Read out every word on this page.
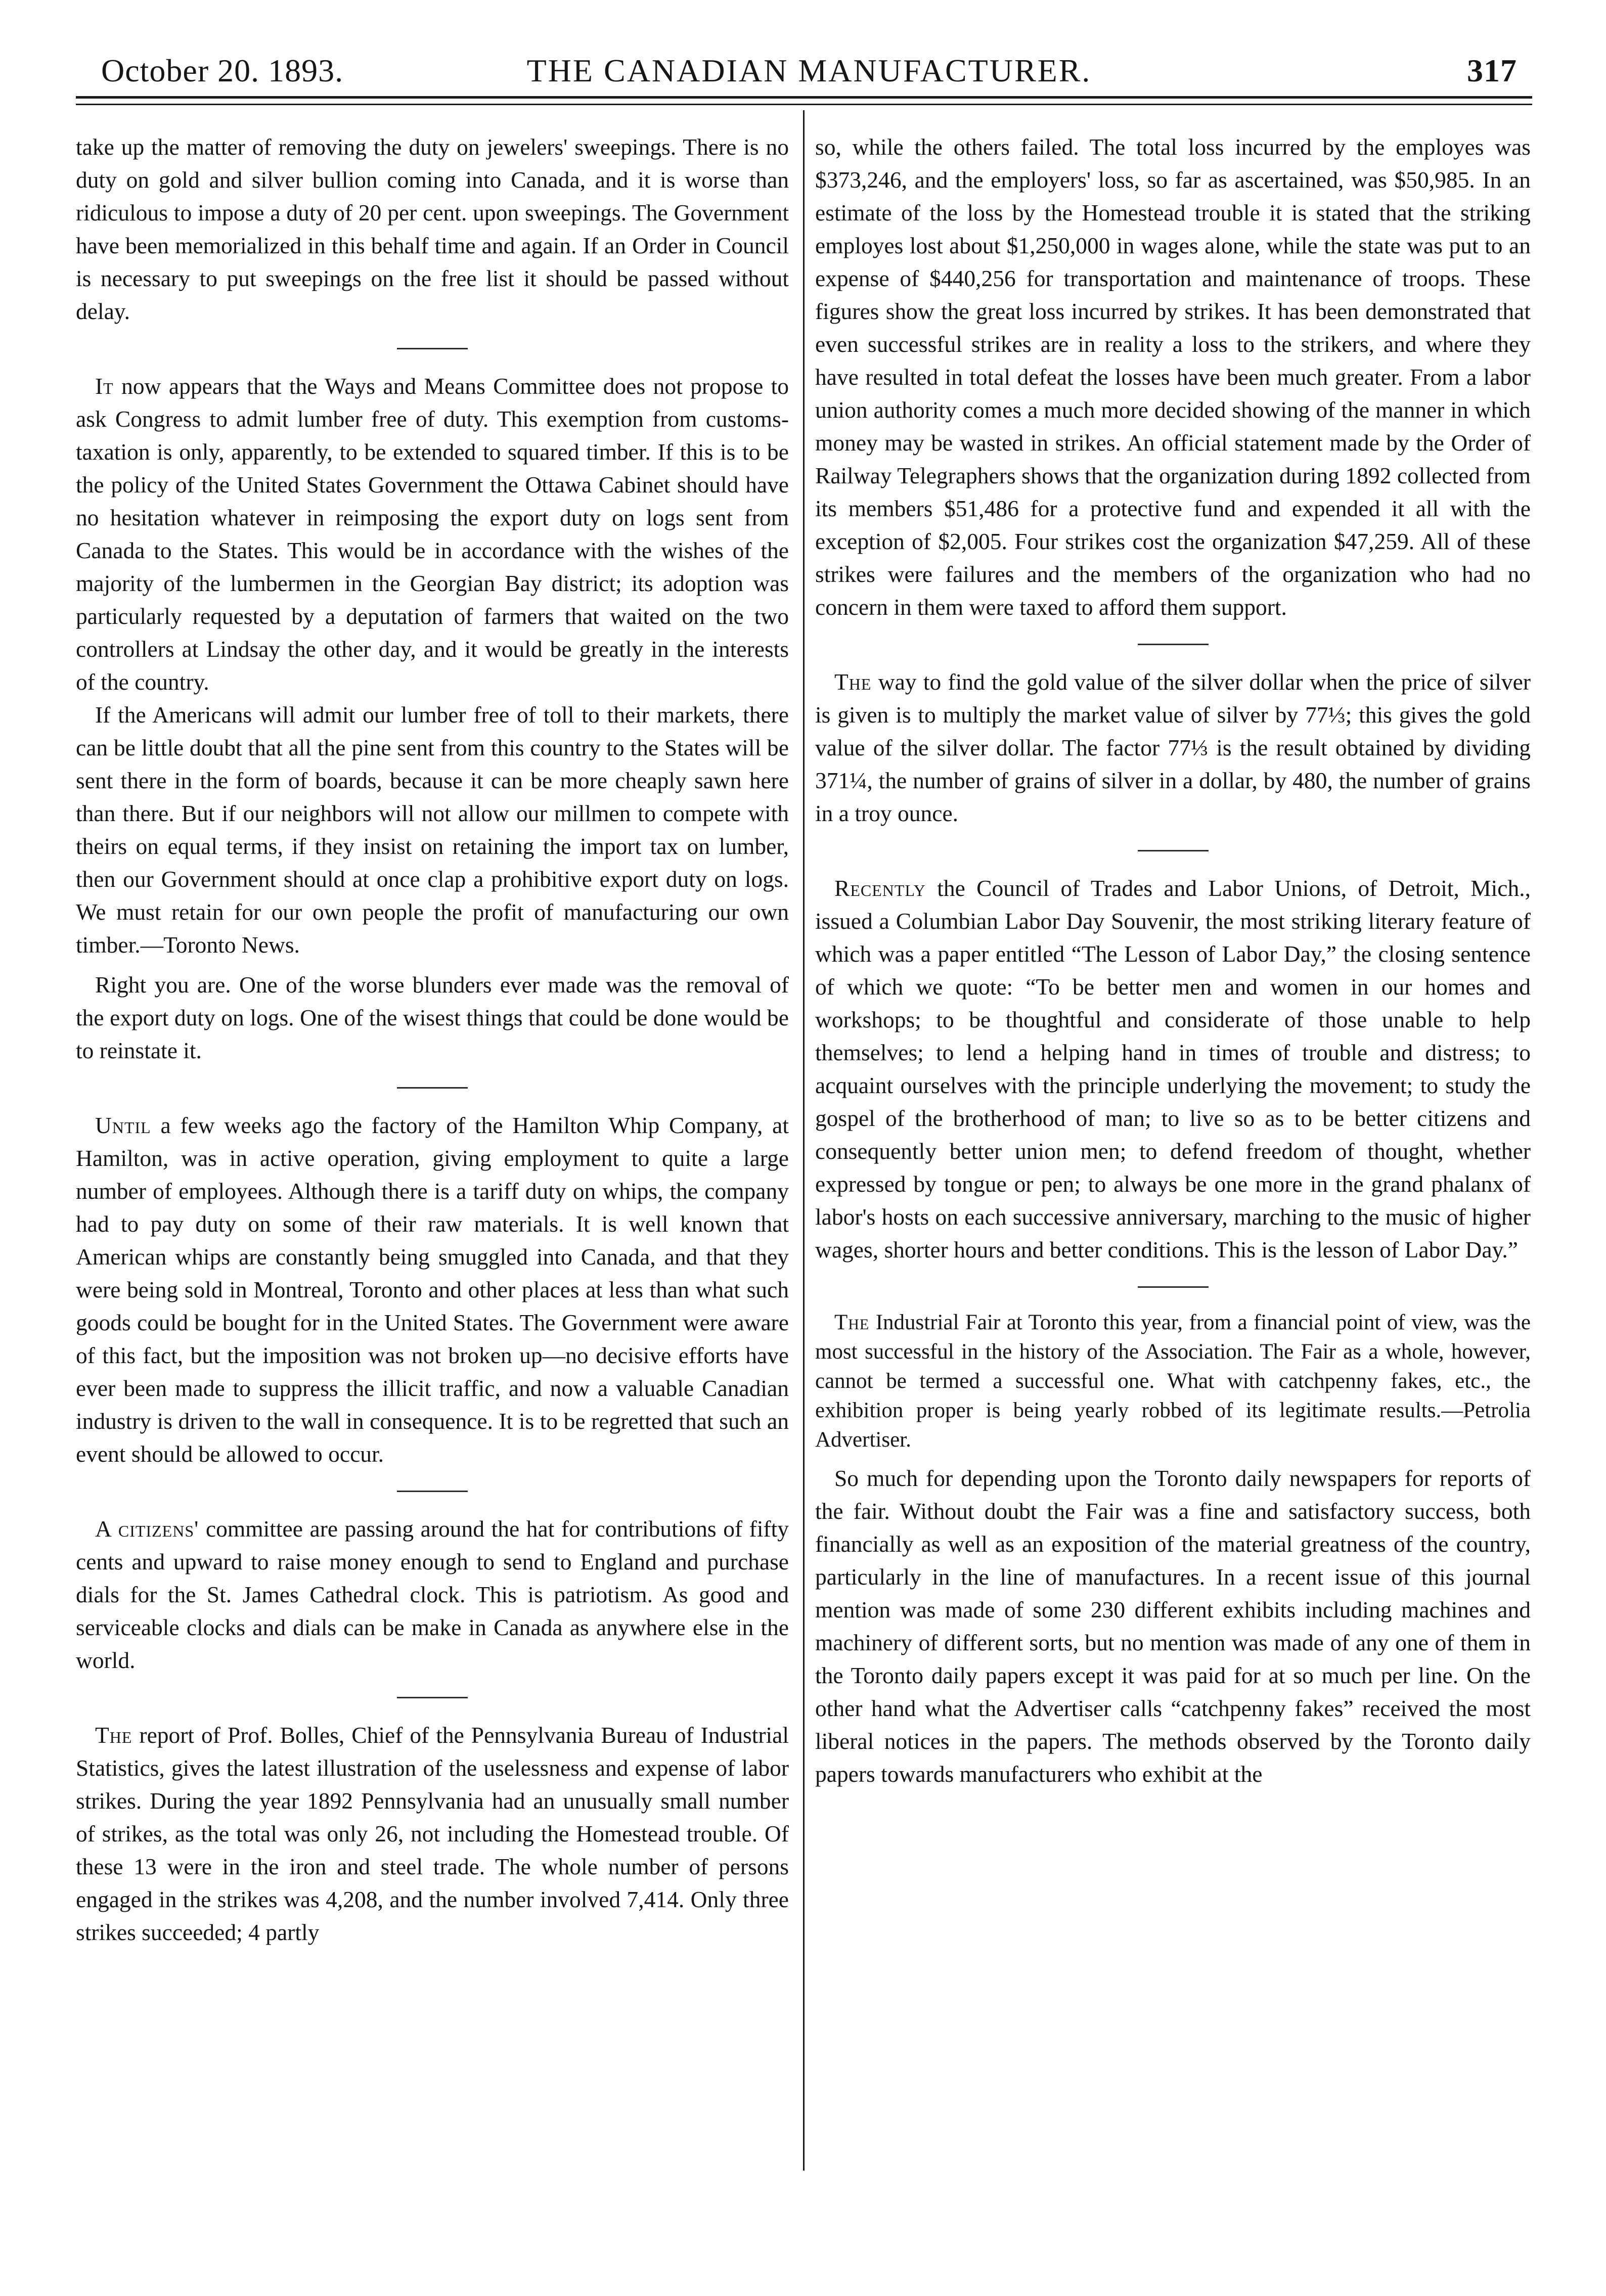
October 20. 1893.	THE CANADIAN MANUFACTURER.	317

take up the matter of removing the duty on jewelers' sweepings. There is no duty on gold and silver bullion coming into Canada, and it is worse than ridiculous to impose a duty of 20 per cent. upon sweepings. The Government have been memorialized in this behalf time and again. If an Order in Council is necessary to put sweepings on the free list it should be passed without delay.

It now appears that the Ways and Means Committee does not propose to ask Congress to admit lumber free of duty. This exemption from customs-taxation is only, apparently, to be extended to squared timber. If this is to be the policy of the United States Government the Ottawa Cabinet should have no hesitation whatever in reimposing the export duty on logs sent from Canada to the States. This would be in accordance with the wishes of the majority of the lumbermen in the Georgian Bay district; its adoption was particularly requested by a deputation of farmers that waited on the two controllers at Lindsay the other day, and it would be greatly in the interests of the country.

If the Americans will admit our lumber free of toll to their markets, there can be little doubt that all the pine sent from this country to the States will be sent there in the form of boards, because it can be more cheaply sawn here than there. But if our neighbors will not allow our millmen to compete with theirs on equal terms, if they insist on retaining the import tax on lumber, then our Government should at once clap a prohibitive export duty on logs. We must retain for our own people the profit of manufacturing our own timber.—Toronto News.

Right you are. One of the worse blunders ever made was the removal of the export duty on logs. One of the wisest things that could be done would be to reinstate it.

Until a few weeks ago the factory of the Hamilton Whip Company, at Hamilton, was in active operation, giving employment to quite a large number of employees. Although there is a tariff duty on whips, the company had to pay duty on some of their raw materials. It is well known that American whips are constantly being smuggled into Canada, and that they were being sold in Montreal, Toronto and other places at less than what such goods could be bought for in the United States. The Government were aware of this fact, but the imposition was not broken up—no decisive efforts have ever been made to suppress the illicit traffic, and now a valuable Canadian industry is driven to the wall in consequence. It is to be regretted that such an event should be allowed to occur.

A citizens' committee are passing around the hat for contributions of fifty cents and upward to raise money enough to send to England and purchase dials for the St. James Cathedral clock. This is patriotism. As good and serviceable clocks and dials can be make in Canada as anywhere else in the world.

The report of Prof. Bolles, Chief of the Pennsylvania Bureau of Industrial Statistics, gives the latest illustration of the uselessness and expense of labor strikes. During the year 1892 Pennsylvania had an unusually small number of strikes, as the total was only 26, not including the Homestead trouble. Of these 13 were in the iron and steel trade. The whole number of persons engaged in the strikes was 4,208, and the number involved 7,414. Only three strikes succeeded; 4 partly

so, while the others failed. The total loss incurred by the employes was $373,246, and the employers' loss, so far as ascertained, was $50,985. In an estimate of the loss by the Homestead trouble it is stated that the striking employes lost about $1,250,000 in wages alone, while the state was put to an expense of $440,256 for transportation and maintenance of troops. These figures show the great loss incurred by strikes. It has been demonstrated that even successful strikes are in reality a loss to the strikers, and where they have resulted in total defeat the losses have been much greater. From a labor union authority comes a much more decided showing of the manner in which money may be wasted in strikes. An official statement made by the Order of Railway Telegraphers shows that the organization during 1892 collected from its members $51,486 for a protective fund and expended it all with the exception of $2,005. Four strikes cost the organization $47,259. All of these strikes were failures and the members of the organization who had no concern in them were taxed to afford them support.

The way to find the gold value of the silver dollar when the price of silver is given is to multiply the market value of silver by 77⅓; this gives the gold value of the silver dollar. The factor 77⅓ is the result obtained by dividing 371¼, the number of grains of silver in a dollar, by 480, the number of grains in a troy ounce.

Recently the Council of Trades and Labor Unions, of Detroit, Mich., issued a Columbian Labor Day Souvenir, the most striking literary feature of which was a paper entitled “The Lesson of Labor Day,” the closing sentence of which we quote: “To be better men and women in our homes and workshops; to be thoughtful and considerate of those unable to help themselves; to lend a helping hand in times of trouble and distress; to acquaint ourselves with the principle underlying the movement; to study the gospel of the brotherhood of man; to live so as to be better citizens and consequently better union men; to defend freedom of thought, whether expressed by tongue or pen; to always be one more in the grand phalanx of labor's hosts on each successive anniversary, marching to the music of higher wages, shorter hours and better conditions. This is the lesson of Labor Day.”

The Industrial Fair at Toronto this year, from a financial point of view, was the most successful in the history of the Association. The Fair as a whole, however, cannot be termed a successful one. What with catchpenny fakes, etc., the exhibition proper is being yearly robbed of its legitimate results.—Petrolia Advertiser.

So much for depending upon the Toronto daily newspapers for reports of the fair. Without doubt the Fair was a fine and satisfactory success, both financially as well as an exposition of the material greatness of the country, particularly in the line of manufactures. In a recent issue of this journal mention was made of some 230 different exhibits including machines and machinery of different sorts, but no mention was made of any one of them in the Toronto daily papers except it was paid for at so much per line. On the other hand what the Advertiser calls “catchpenny fakes” received the most liberal notices in the papers. The methods observed by the Toronto daily papers towards manufacturers who exhibit at the
